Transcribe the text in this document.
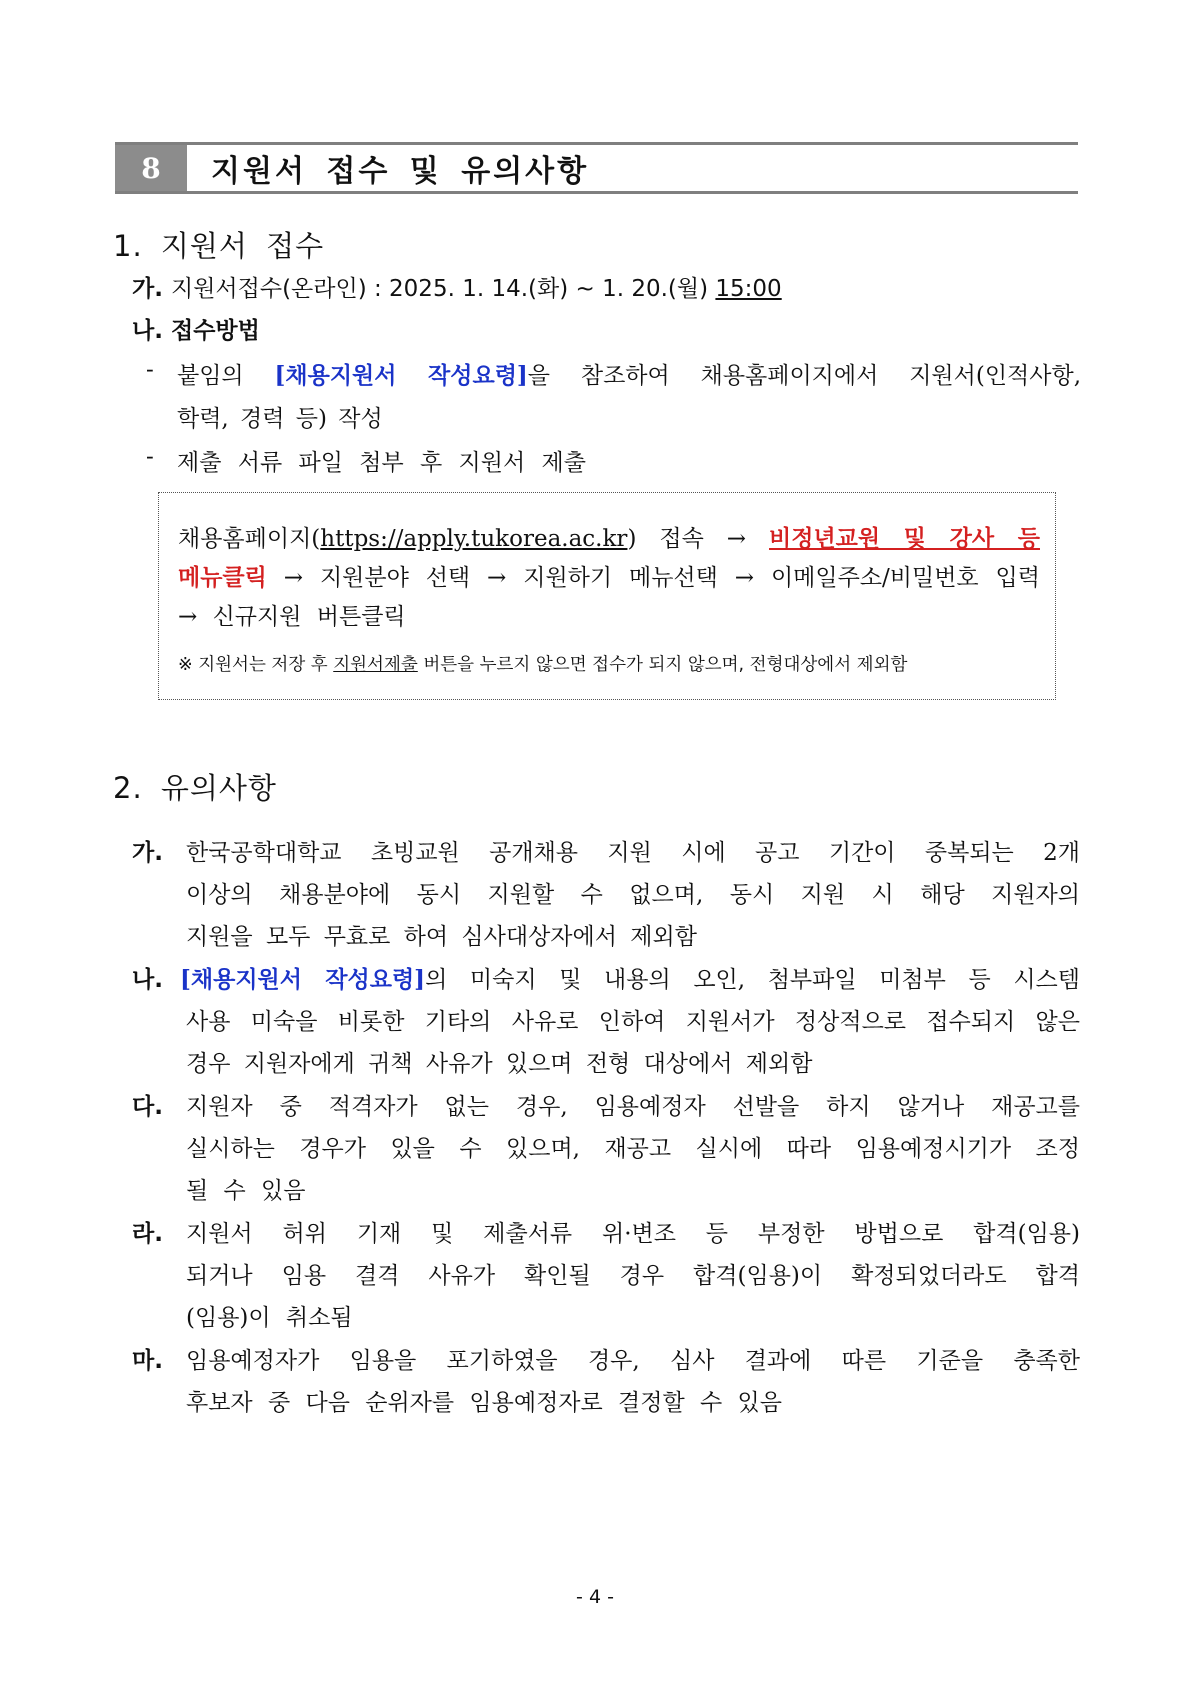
8	지원서 접수 및 유의사항
1. 지원서 접수
가. 지원서접수(온라인) : 2025. 1. 14.(화) ~ 1. 20.(월) 15:00
나. 접수방법
- 붙임의 [채용지원서 작성요령]을 참조하여 채용홈페이지에서 지원서(인적사항,
학력, 경력 등) 작성
- 제출 서류 파일 첨부 후 지원서 제출
채용홈페이지(https://apply.tukorea.ac.kr) 접속 → 비정년교원 및 강사 등
메뉴클릭 → 지원분야 선택 → 지원하기 메뉴선택 → 이메일주소/비밀번호 입력
→ 신규지원 버튼클릭
※ 지원서는 저장 후 지원서제출 버튼을 누르지 않으면 접수가 되지 않으며, 전형대상에서 제외함
2. 유의사항
가. 한국공학대학교 초빙교원 공개채용 지원 시에 공고 기간이 중복되는 2개
이상의 채용분야에 동시 지원할 수 없으며, 동시 지원 시 해당 지원자의
지원을 모두 무효로 하여 심사대상자에서 제외함
나. [채용지원서 작성요령]의 미숙지 및 내용의 오인, 첨부파일 미첨부 등 시스템
사용 미숙을 비롯한 기타의 사유로 인하여 지원서가 정상적으로 접수되지 않은
경우 지원자에게 귀책 사유가 있으며 전형 대상에서 제외함
다. 지원자 중 적격자가 없는 경우, 임용예정자 선발을 하지 않거나 재공고를
실시하는 경우가 있을 수 있으며, 재공고 실시에 따라 임용예정시기가 조정
될 수 있음
라. 지원서 허위 기재 및 제출서류 위·변조 등 부정한 방법으로 합격(임용)
되거나 임용 결격 사유가 확인될 경우 합격(임용)이 확정되었더라도 합격
(임용)이 취소됨
마. 임용예정자가 임용을 포기하였을 경우, 심사 결과에 따른 기준을 충족한
후보자 중 다음 순위자를 임용예정자로 결정할 수 있음
- 4 -
